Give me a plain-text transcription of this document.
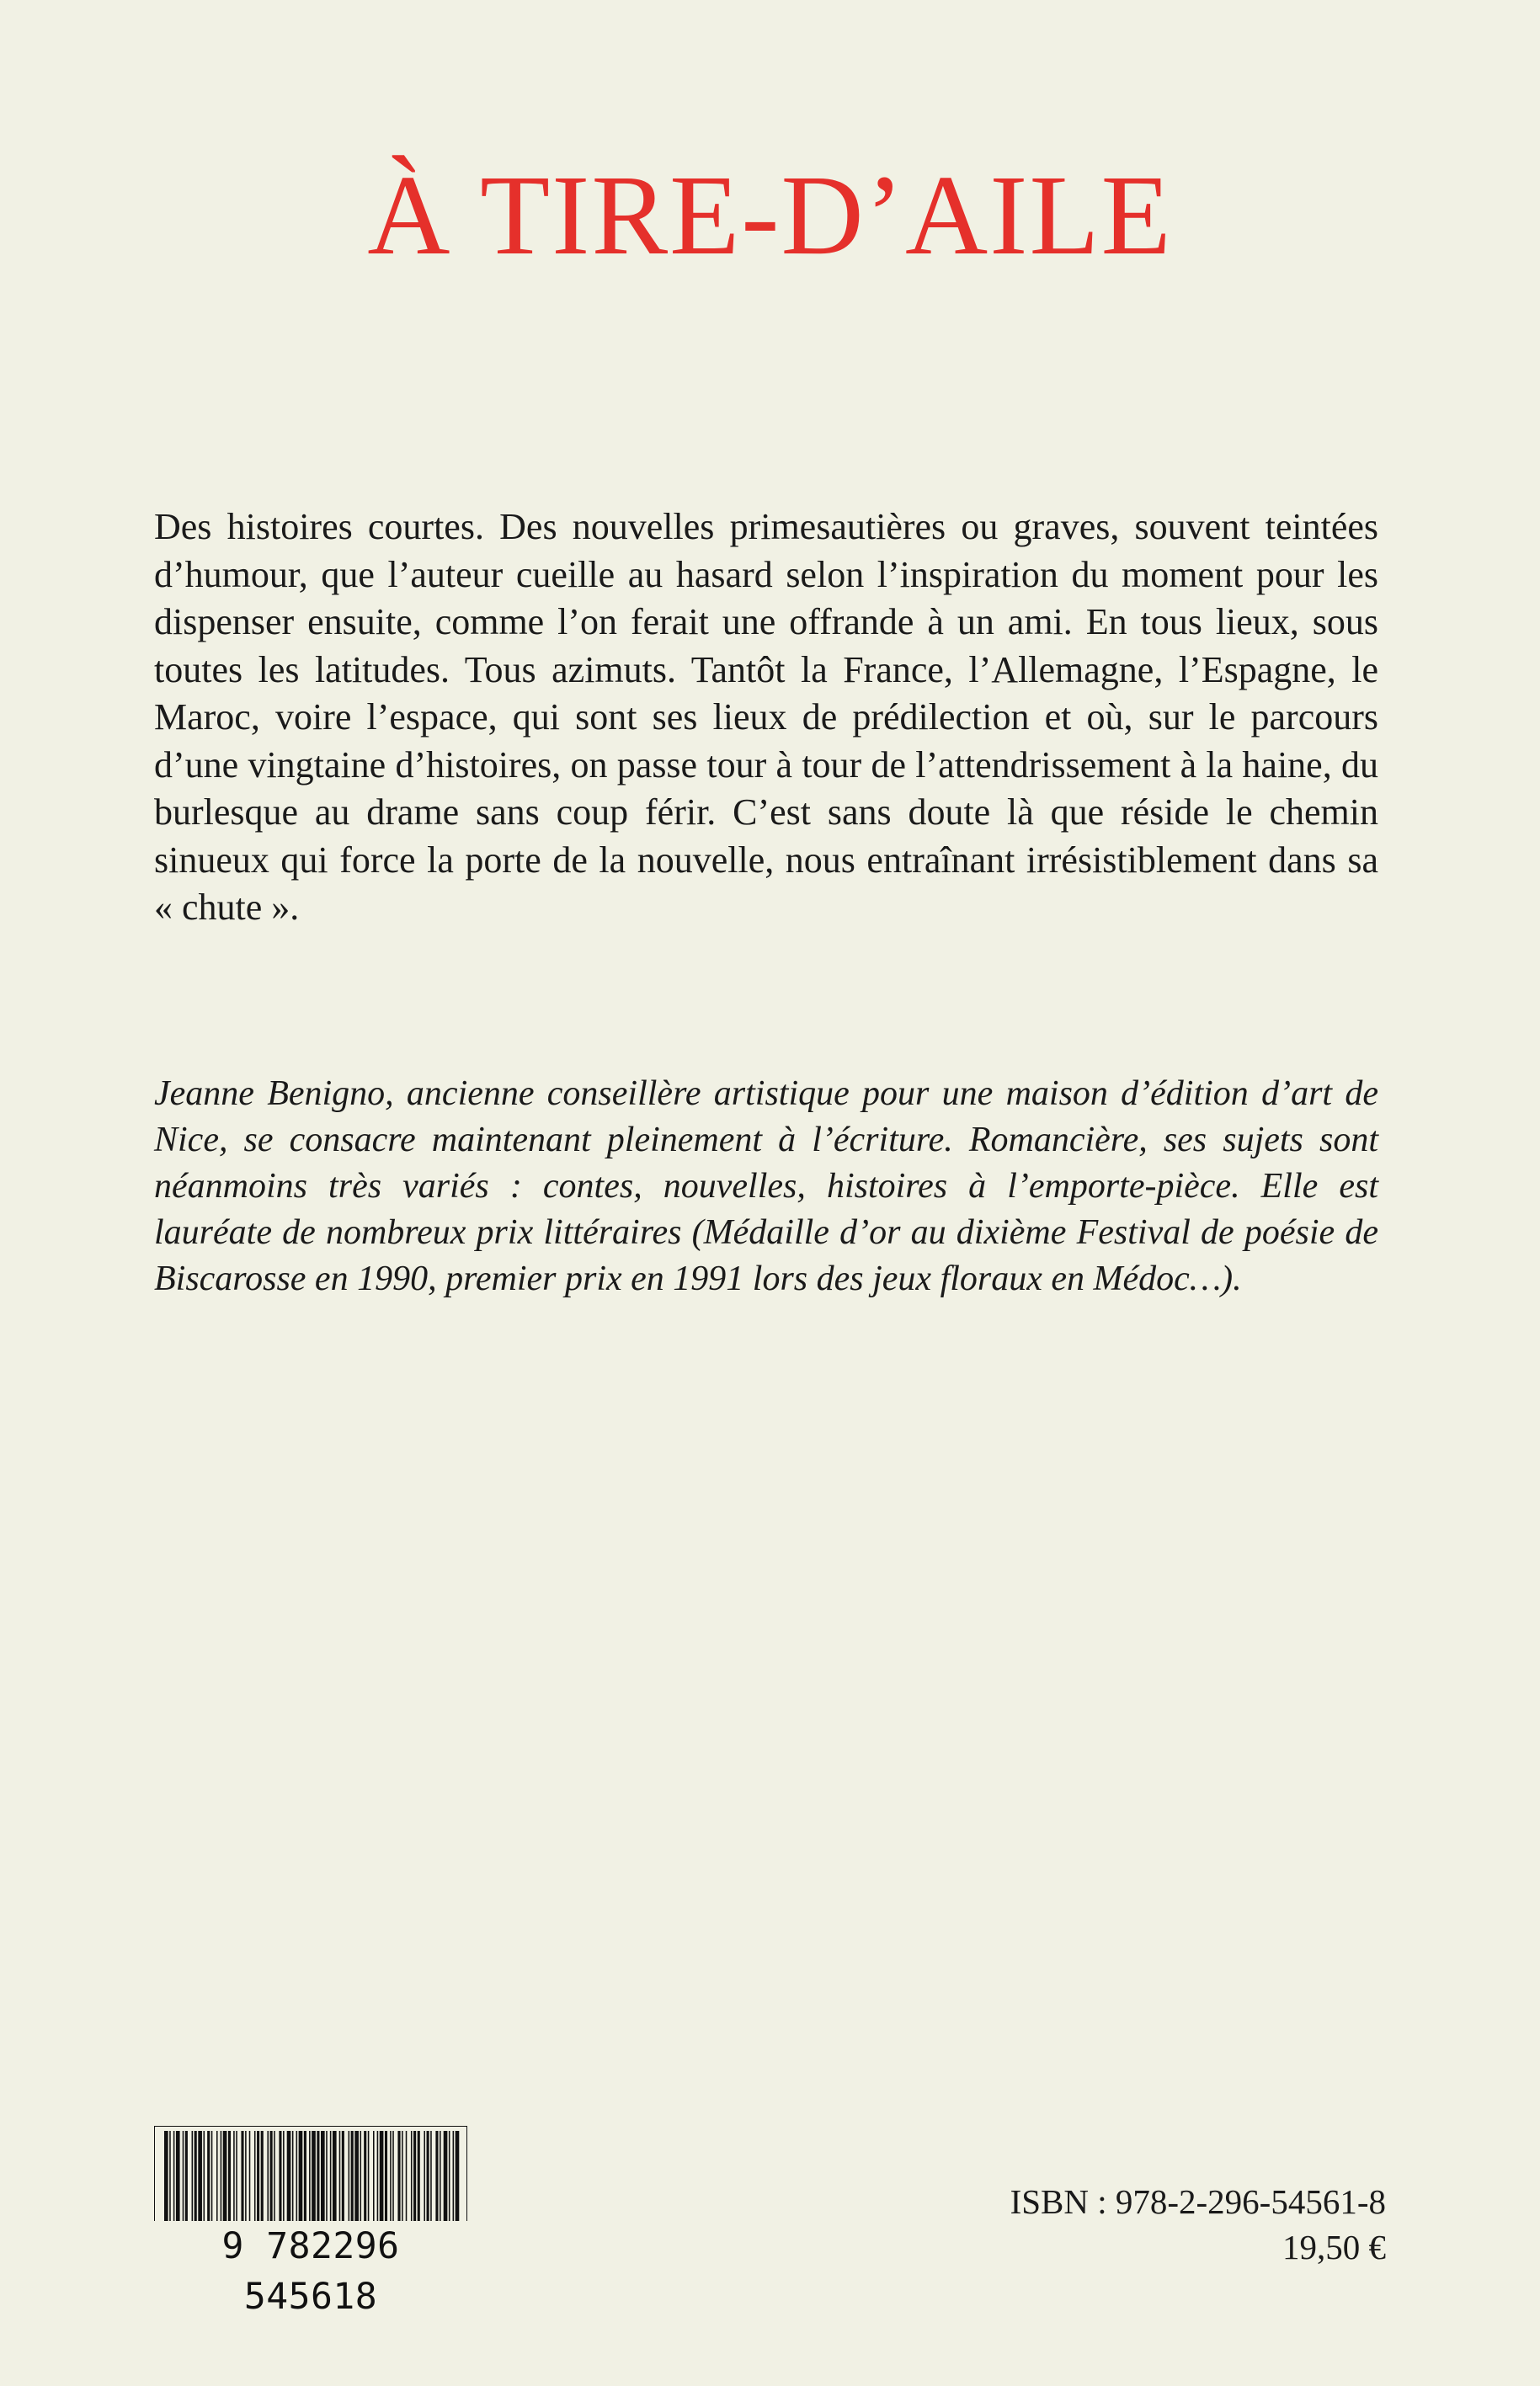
À TIRE-D’AILE

Des histoires courtes. Des nouvelles primesautières ou graves, souvent teintées d’humour, que l’auteur cueille au hasard selon l’inspiration du moment pour les dispenser ensuite, comme l’on ferait une offrande à un ami. En tous lieux, sous toutes les latitudes. Tous azimuts. Tantôt la France, l’Allemagne, l’Espagne, le Maroc, voire l’espace, qui sont ses lieux de prédilection et où, sur le parcours d’une vingtaine d’histoires, on passe tour à tour de l’attendrissement à la haine, du burlesque au drame sans coup férir. C’est sans doute là que réside le chemin sinueux qui force la porte de la nouvelle, nous entraînant irrésistiblement dans sa « chute ».

Jeanne Benigno, ancienne conseillère artistique pour une maison d’édition d’art de Nice, se consacre maintenant pleinement à l’écriture. Romancière, ses sujets sont néanmoins très variés : contes, nouvelles, histoires à l’emporte-pièce. Elle est lauréate de nombreux prix littéraires (Médaille d’or au dixième Festival de poésie de Biscarosse en 1990, premier prix en 1991 lors des jeux floraux en Médoc…).

9 782296 545618

ISBN : 978-2-296-54561-8

19,50 €
